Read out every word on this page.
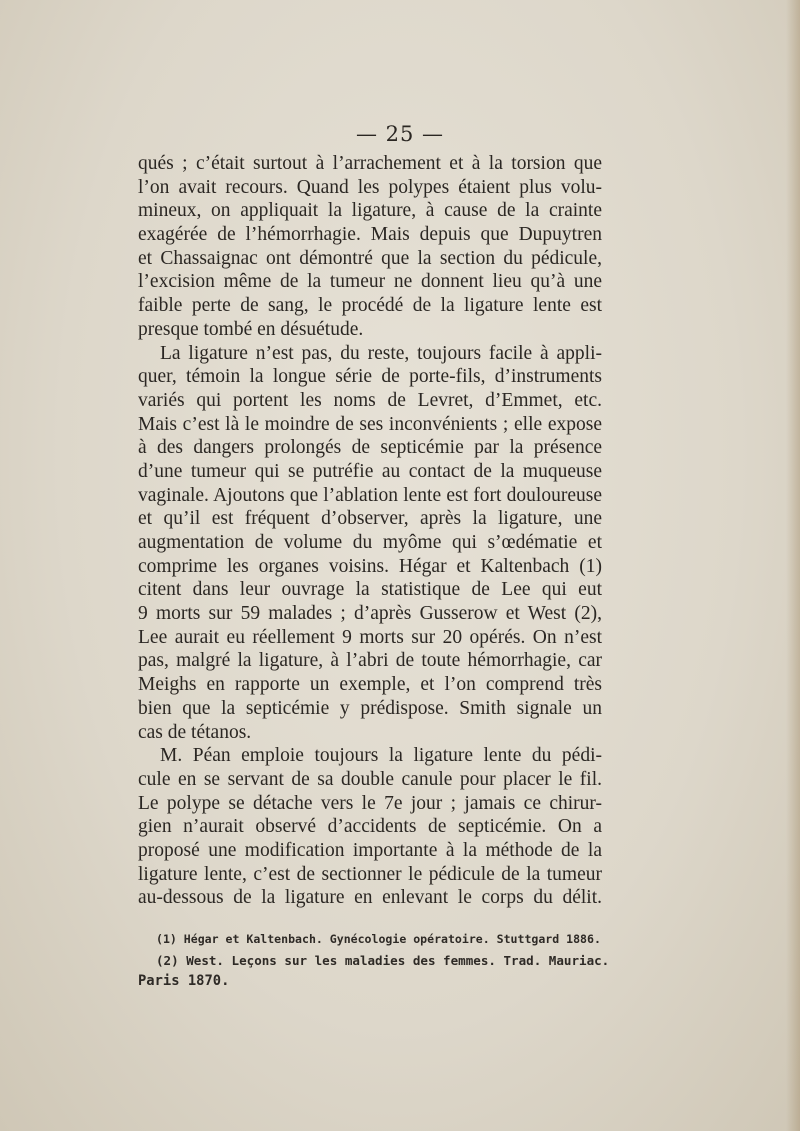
— 25 —
qués ; c’était surtout à l’arrachement et à la torsion que
l’on avait recours. Quand les polypes étaient plus volu-
mineux, on appliquait la ligature, à cause de la crainte
exagérée de l’hémorrhagie. Mais depuis que Dupuytren
et Chassaignac ont démontré que la section du pédicule,
l’excision même de la tumeur ne donnent lieu qu’à une
faible perte de sang, le procédé de la ligature lente est
presque tombé en désuétude.
La ligature n’est pas, du reste, toujours facile à appli-
quer, témoin la longue série de porte-fils, d’instruments
variés qui portent les noms de Levret, d’Emmet, etc.
Mais c’est là le moindre de ses inconvénients ; elle expose
à des dangers prolongés de septicémie par la présence
d’une tumeur qui se putréfie au contact de la muqueuse
vaginale. Ajoutons que l’ablation lente est fort douloureuse
et qu’il est fréquent d’observer, après la ligature, une
augmentation de volume du myôme qui s’œdématie et
comprime les organes voisins. Hégar et Kaltenbach (1)
citent dans leur ouvrage la statistique de Lee qui eut
9 morts sur 59 malades ; d’après Gusserow et West (2),
Lee aurait eu réellement 9 morts sur 20 opérés. On n’est
pas, malgré la ligature, à l’abri de toute hémorrhagie, car
Meighs en rapporte un exemple, et l’on comprend très
bien que la septicémie y prédispose. Smith signale un
cas de tétanos.
M. Péan emploie toujours la ligature lente du pédi-
cule en se servant de sa double canule pour placer le fil.
Le polype se détache vers le 7e jour ; jamais ce chirur-
gien n’aurait observé d’accidents de septicémie. On a
proposé une modification importante à la méthode de la
ligature lente, c’est de sectionner le pédicule de la tumeur
au-dessous de la ligature en enlevant le corps du délit.
(1) Hégar et Kaltenbach. Gynécologie opératoire. Stuttgard 1886.
(2) West. Leçons sur les maladies des femmes. Trad. Mauriac.
Paris 1870.
